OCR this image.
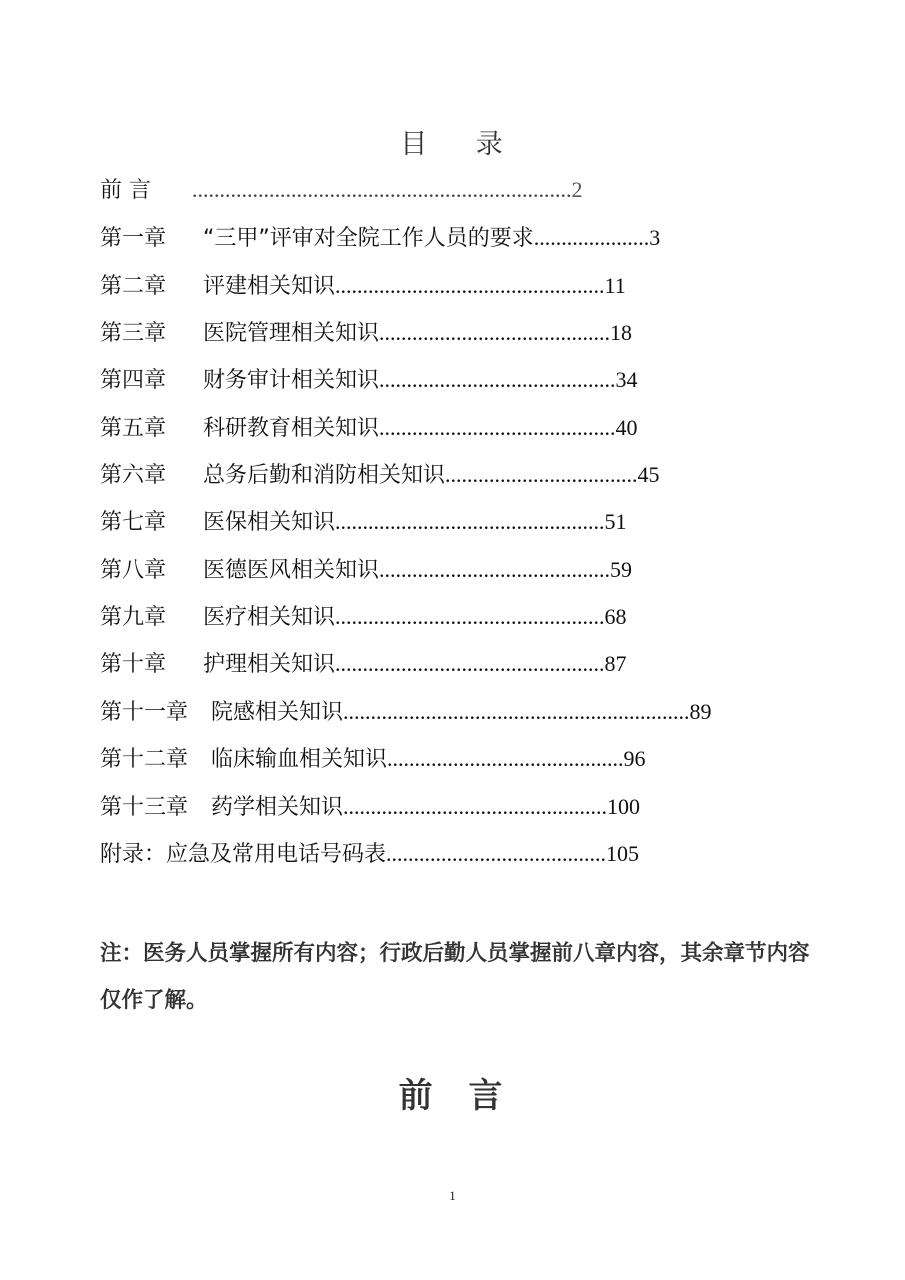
目 录
前 言 .....................................................................2
第一章 “三甲”评审对全院工作人员的要求.....................3
第二章 评建相关知识.................................................11
第三章 医院管理相关知识..........................................18
第四章 财务审计相关知识...........................................34
第五章 科研教育相关知识...........................................40
第六章 总务后勤和消防相关知识...................................45
第七章 医保相关知识.................................................51
第八章 医德医风相关知识..........................................59
第九章 医疗相关知识.................................................68
第十章 护理相关知识.................................................87
第十一章 院感相关知识...............................................................89
第十二章 临床输血相关知识...........................................96
第十三章 药学相关知识................................................100
附录：应急及常用电话号码表........................................105
注：医务人员掌握所有内容；行政后勤人员掌握前八章内容，其余章节内容仅作了解。
前 言
1
